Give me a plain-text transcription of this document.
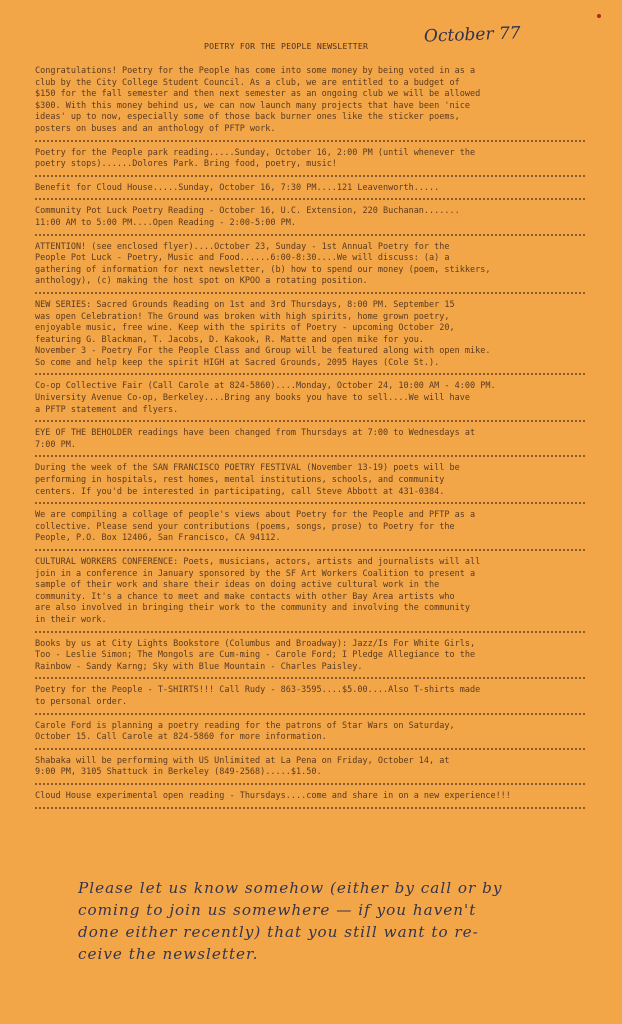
POETRY FOR THE PEOPLE NEWSLETTER	October 77

Congratulations! Poetry for the People has come into some money by being voted in as a
club by the City College Student Council. As a club, we are entitled to a budget of
$150 for the fall semester and then next semester as an ongoing club we will be allowed
$300. With this money behind us, we can now launch many projects that have been 'nice
ideas' up to now, especially some of those back burner ones like the sticker poems,
posters on buses and an anthology of PFTP work.

Poetry for the People park reading.....Sunday, October 16, 2:00 PM (until whenever the
poetry stops)......Dolores Park. Bring food, poetry, music!

Benefit for Cloud House.....Sunday, October 16, 7:30 PM....121 Leavenworth.....

Community Pot Luck Poetry Reading - October 16, U.C. Extension, 220 Buchanan.......
11:00 AM to 5:00 PM....Open Reading - 2:00-5:00 PM.

ATTENTION! (see enclosed flyer)....October 23, Sunday - 1st Annual Poetry for the
People Pot Luck - Poetry, Music and Food......6:00-8:30....We will discuss: (a) a
gathering of information for next newsletter, (b) how to spend our money (poem, stikkers,
anthology), (c) making the host spot on KPOO a rotating position.

NEW SERIES: Sacred Grounds Reading on 1st and 3rd Thursdays, 8:00 PM. September 15
was open Celebration! The Ground was broken with high spirits, home grown poetry,
enjoyable music, free wine. Keep with the spirits of Poetry - upcoming October 20,
featuring G. Blackman, T. Jacobs, D. Kakook, R. Matte and open mike for you.
November 3 - Poetry For the People Class and Group will be featured along with open mike.
So come and help keep the spirit HIGH at Sacred Grounds, 2095 Hayes (Cole St.).

Co-op Collective Fair (Call Carole at 824-5860)....Monday, October 24, 10:00 AM - 4:00 PM.
University Avenue Co-op, Berkeley....Bring any books you have to sell....We will have
a PFTP statement and flyers.

EYE OF THE BEHOLDER readings have been changed from Thursdays at 7:00 to Wednesdays at
7:00 PM.

During the week of the SAN FRANCISCO POETRY FESTIVAL (November 13-19) poets will be
performing in hospitals, rest homes, mental institutions, schools, and community
centers. If you'd be interested in participating, call Steve Abbott at 431-0384.

We are compiling a collage of people's views about Poetry for the People and PFTP as a
collective. Please send your contributions (poems, songs, prose) to Poetry for the
People, P.O. Box 12406, San Francisco, CA 94112.

CULTURAL WORKERS CONFERENCE: Poets, musicians, actors, artists and journalists will all
join in a conference in January sponsored by the SF Art Workers Coalition to present a
sample of their work and share their ideas on doing active cultural work in the
community. It's a chance to meet and make contacts with other Bay Area artists who
are also involved in bringing their work to the community and involving the community
in their work.

Books by us at City Lights Bookstore (Columbus and Broadway): Jazz/Is For White Girls,
Too - Leslie Simon; The Mongols are Cum-ming - Carole Ford; I Pledge Allegiance to the
Rainbow - Sandy Karng; Sky with Blue Mountain - Charles Paisley.

Poetry for the People - T-SHIRTS!!! Call Rudy - 863-3595....$5.00....Also T-shirts made
to personal order.

Carole Ford is planning a poetry reading for the patrons of Star Wars on Saturday,
October 15. Call Carole at 824-5860 for more information.

Shabaka will be performing with US Unlimited at La Pena on Friday, October 14, at
9:00 PM, 3105 Shattuck in Berkeley (849-2568).....$1.50.

Cloud House experimental open reading - Thursdays....come and share in on a new experience!!!

Please let us know somehow (either by call or by
coming to join us somewhere — if you haven't
done either recently) that you still want to re-
ceive the newsletter.
